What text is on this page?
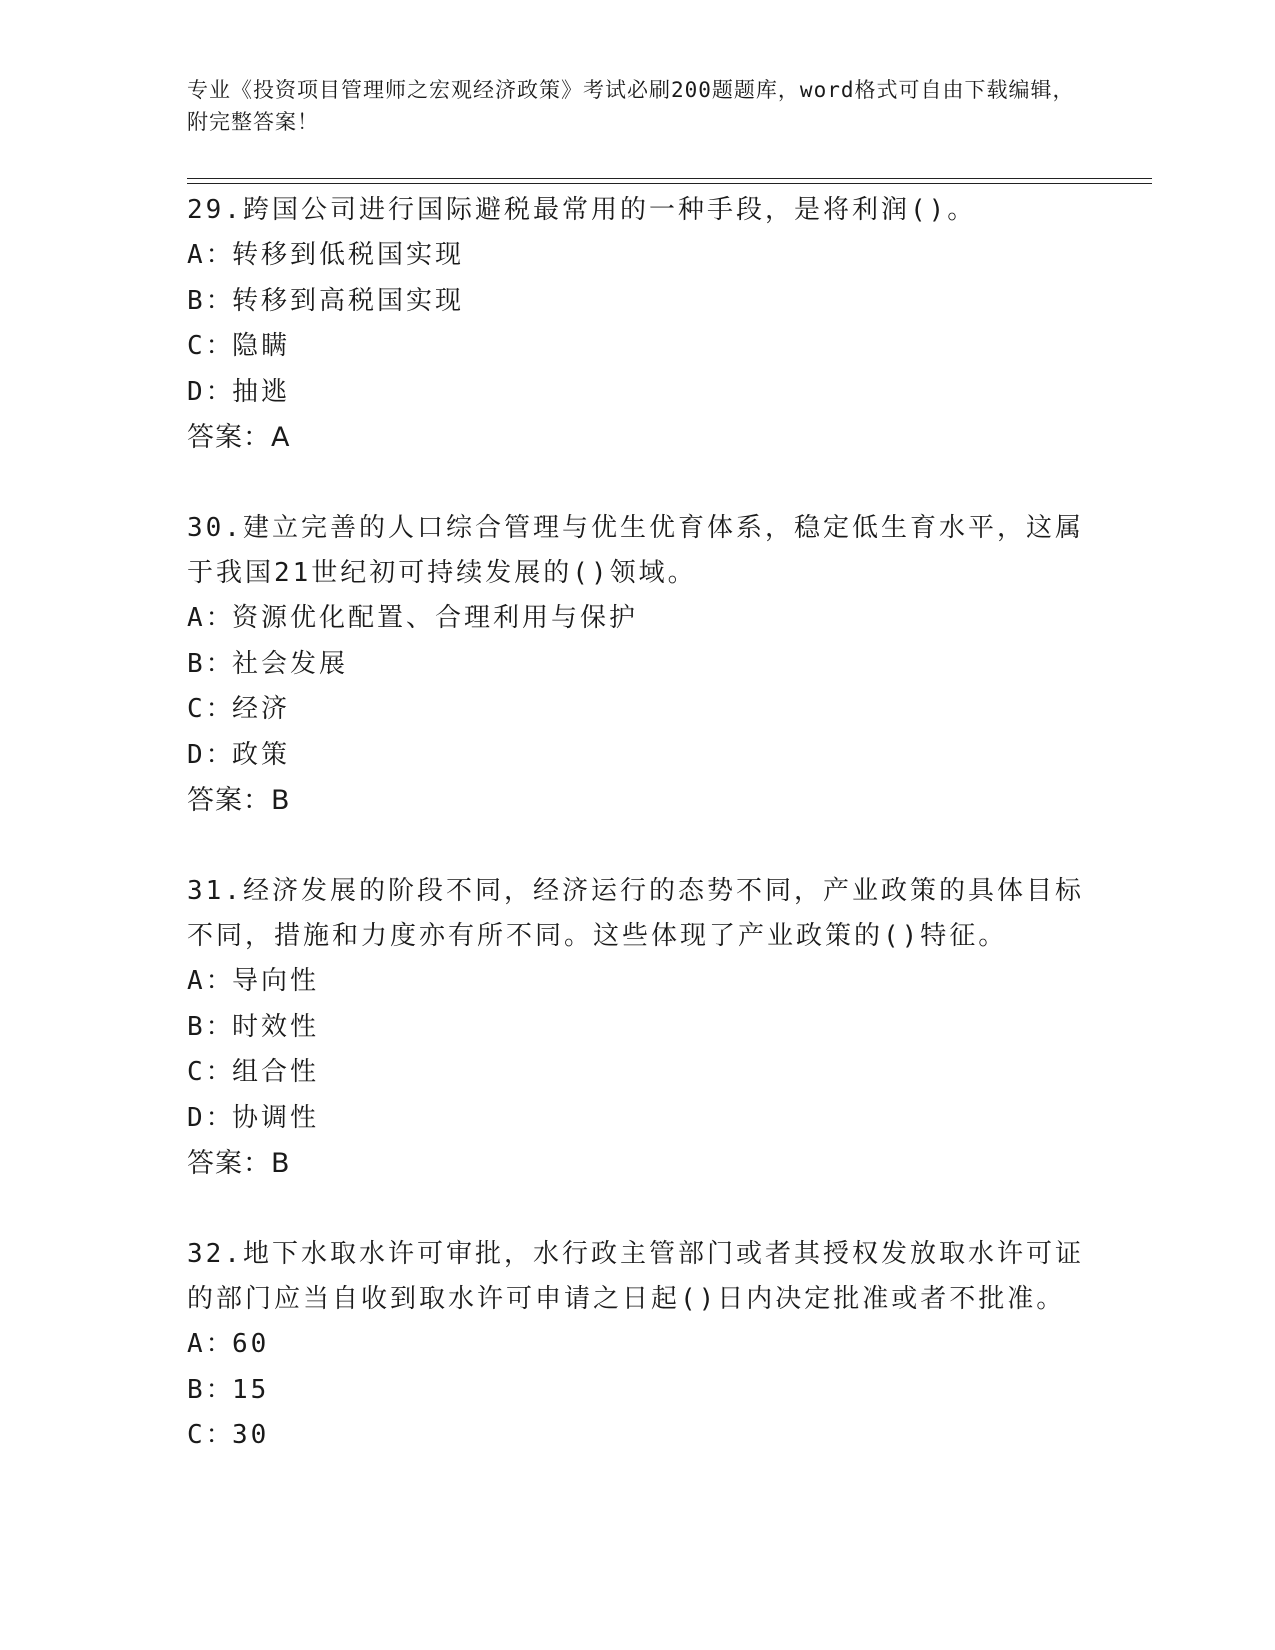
专业《投资项目管理师之宏观经济政策》考试必刷200题题库，word格式可自由下载编辑，附完整答案！
29.跨国公司进行国际避税最常用的一种手段，是将利润()。
A：转移到低税国实现
B：转移到高税国实现
C：隐瞒
D：抽逃
答案：A
30.建立完善的人口综合管理与优生优育体系，稳定低生育水平，这属于我国21世纪初可持续发展的()领域。
A：资源优化配置、合理利用与保护
B：社会发展
C：经济
D：政策
答案：B
31.经济发展的阶段不同，经济运行的态势不同，产业政策的具体目标不同，措施和力度亦有所不同。这些体现了产业政策的()特征。
A：导向性
B：时效性
C：组合性
D：协调性
答案：B
32.地下水取水许可审批，水行政主管部门或者其授权发放取水许可证的部门应当自收到取水许可申请之日起()日内决定批准或者不批准。
A：60
B：15
C：30
